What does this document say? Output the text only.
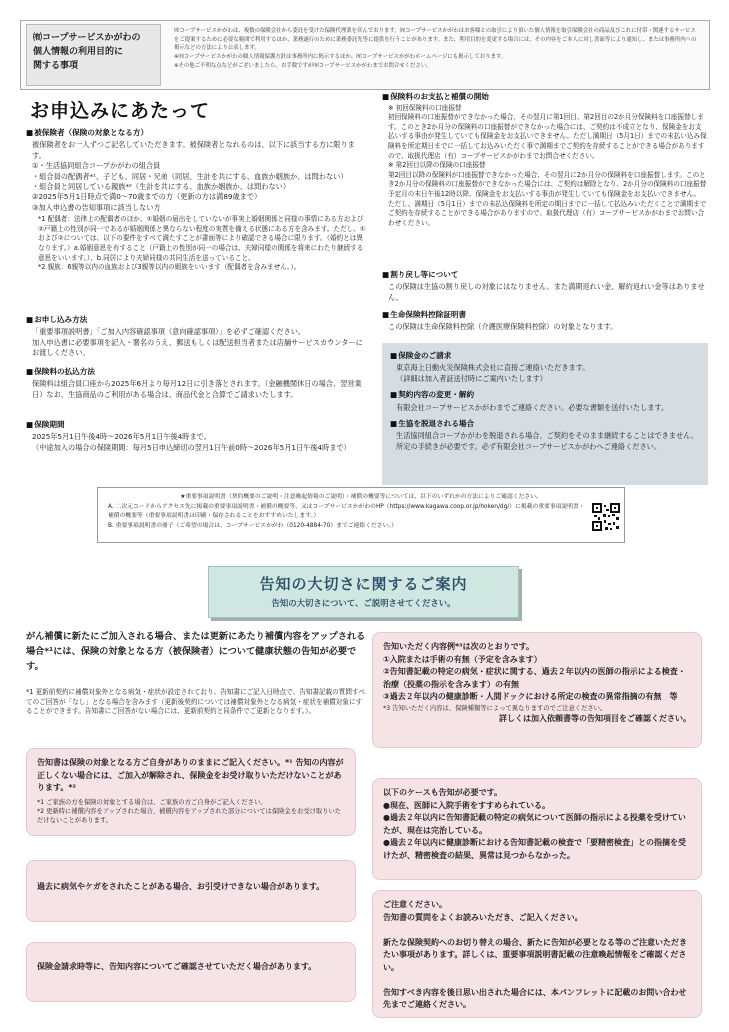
㈲コープサービスかがわの
個人情報の利用目的に
関する事項
㈲コープサービスかがわは、複数の保険会社から委託を受けた保険代理業を営んでおります。㈲コープサービスかがわはお客様との取引により頂いた個人情報を取引保険会社の商品及びこれに付帯・関連するサービスをご提案するために必要な範囲で利用するほか、業務遂行のために業務委託先等に提供を行うことがあります。また、利用目的を変更する場合には、その内容をご本人に対し書面等により通知し、または事務所内への掲示などの方法により公表します。
※㈲コープサービスかがわの個人情報保護方針は事務所内に掲示するほか、㈲コープサービスかがわホームページにも掲示しております。
※その他ご不明な点などがございましたら、お手数ですが㈲コープサービスかがわまでお問合せください。
お申込みにあたって
■ 被保険者（保険の対象となる方）
被保険者をお一人ずつご記名していただきます。被保険者となれるのは、以下に該当する方に限ります。
①・生活協同組合コープかがわの組合員
・組合員の配偶者*¹、子ども、同居・兄弟（同居、生計を共にする、血族か姻族か、は問わない）
・組合員と同居している親族*²（生計を共にする、血族か姻族か、は問わない）
②2025年5月1日時点で満0〜70歳までの方（更新の方は満89歳まで）
③加入申込書の告知事項に該当しない方
*1 配偶者：法律上の配偶者のほか、①婚姻の届出をしていないが事実上婚姻関係と同様の事情にある方および②戸籍上の性別が同一であるが婚姻関係と異ならない程度の実質を備える状態にある方を含みます。ただし、①および②については、以下の要件をすべて満たすことが書面等により確認できる場合に限ります。（婚約とは異なります。）a.婚姻意思を有すること（戸籍上の性別が同一の場合は、夫婦同様の関係を将来にわたり継続する意思をいいます。）、b.同居により夫婦同様の共同生活を送っていること。
*2 親族：6親等以内の血族および3親等以内の姻族をいいます（配偶者を含みません。）。
■ お申し込み方法
「重要事項説明書」「ご加入内容確認事項（意向確認事項）」を必ずご確認ください。
加入申込書に必要事項を記入・署名のうえ、郵送もしくは配送担当者または店舗サービスカウンターにお渡しください。
■ 保険料の払込方法
保険料は組合員口座から2025年6月より毎月12日に引き落とされます。（金融機関休日の場合、翌営業日）なお、生協商品のご利用がある場合は、商品代金と合算でご請求いたします。
■ 保険期間
2025年5月1日午後4時〜2026年5月1日午後4時まで。
（中途加入の場合の保険期間：毎月5日申込締切の翌月1日午前0時〜2026年5月1日午後4時まで）
■ 保険料のお支払と補償の開始
※ 初回保険料の口座振替
初回保険料の口座振替ができなかった場合、その翌月に第1回目、第2回目の2か月分保険料を口座振替します。このとき2か月分の保険料の口座振替ができなかった場合には、ご契約は不成立となり、保険金をお支払いする事由が発生していても保険金をお支払いできません。ただし満期日（5月1日）までの未払い込み保険料を所定期日までに一括してお込みいただく事で満期までご契約を存続することができる場合がありますので、取扱代理店（有）コープサービスかがわまでお問合せください。
※ 第2回目以降の保険の口座振替
第2回目以降の保険料が口座振替できなかった場合、その翌月に2か月分の保険料を口座振替します。このとき2か月分の保険料の口座振替ができなかった場合には、ご契約は解除となり、2か月分の保険料の口座振替予定月の末日午後12時以降、保険金をお支払いする事由が発生していても保険金をお支払いできません。
ただし、満期日（5月1日）までの未払込保険料を所定の期日までに一括して払込みいただくことで満期までご契約を存続することができる場合がありますので、取扱代理店（有）コープサービスかがわまでお問い合わせください。
■ 割り戻し等について
この保険は生協の割り戻しの対象にはなりません。また満期返れい金、解約返れい金等はありません。
■ 生命保険料控除証明書
この保険は生命保険料控除（介護医療保険料控除）の対象となります。
■ 保険金のご請求
東京海上日動火災保険株式会社に直接ご連絡いただきます。
（詳細は加入者証送付時にご案内いたします）
■ 契約内容の変更・解約
有限会社コープサービスかがわまでご連絡ください。必要な書類を送付いたします。
■ 生協を脱退される場合
生活協同組合コープかがわを脱退される場合、ご契約をそのまま継続することはできません。所定の手続きが必要です。必ず有限会社コープサービスかがわへご連絡ください。
★重要事項説明書（契約概要のご説明・注意喚起情報のご説明）・補償の概要等については、以下のいずれかの方法によりご確認ください。
A. 二次元コードからアクセス先に掲載の重要事項説明書・補償の概要等、又はコープサービスかがわのHP（https://www.kagawa.coop.or.jp/hoken/dg/）に掲載の重要事項説明書・補償の概要等（重要事項説明書は印刷・保存されることをおすすめいたします。）
B. 重要事項説明書の冊子（ご希望の場合は、コープサービスかがわ（0120-4884-70）までご連絡ください。）
告知の大切さに関するご案内
告知の大切さについて、ご説明させてください。
がん補償に新たにご加入される場合、または更新にあたり補償内容をアップされる場合*¹には、保険の対象となる方（被保険者）について健康状態の告知が必要です。
*1 更新前契約に補償対象外となる病気・症状が設定されており、告知書にご記入日時点で、告知書記載の質問すべてのご回答が「なし」となる場合を含みます（更新後契約については補償対象外となる病気・症状を補償対象にすることができます。告知書にご回答がない場合には、更新前契約と同条件でご更新となります。）。
告知書は保険の対象となる方ご自身がありのままにご記入ください。*¹ 告知の内容が正しくない場合には、ご加入が解除され、保険金をお受け取りいただけないことがあります。*²
*1 ご家族の方を保険の対象とする場合は、ご家族の方ご自身がご記入ください。
*2 更新時に補償内容をアップされた場合、補償内容をアップされた部分については保険金をお受け取りいただけないことがあります。
過去に病気やケガをされたことがある場合、お引受けできない場合があります。
保険金請求時等に、告知内容についてご確認させていただく場合があります。
告知いただく内容例*³は次のとおりです。
①入院または手術の有無（予定を含みます）
②告知書記載の特定の病気・症状に関する、過去２年以内の医師の指示による検査・治療（投薬の指示を含みます）の有無
③過去２年以内の健康診断・人間ドックにおける所定の検査の異常指摘の有無　等
*3 告知いただく内容は、保険種類等によって異なりますのでご注意ください。
詳しくは加入依頼書等の告知項目をご確認ください。
以下のケースも告知が必要です。
●現在、医師に入院手術をすすめられている。
●過去２年以内に告知書記載の特定の病気について医師の指示による投薬を受けていたが、現在は完治している。
●過去２年以内に健康診断における告知書記載の検査で「要精密検査」との指摘を受けたが、精密検査の結果、異常は見つからなかった。
ご注意ください。
告知書の質問をよくお読みいただき、ご記入ください。

新たな保険契約へのお切り替えの場合、新たに告知が必要となる等のご注意いただきたい事項があります。詳しくは、重要事項説明書記載の注意喚起情報をご確認ください。

告知すべき内容を後日思い出された場合には、本パンフレットに記載のお問い合わせ先までご連絡ください。
